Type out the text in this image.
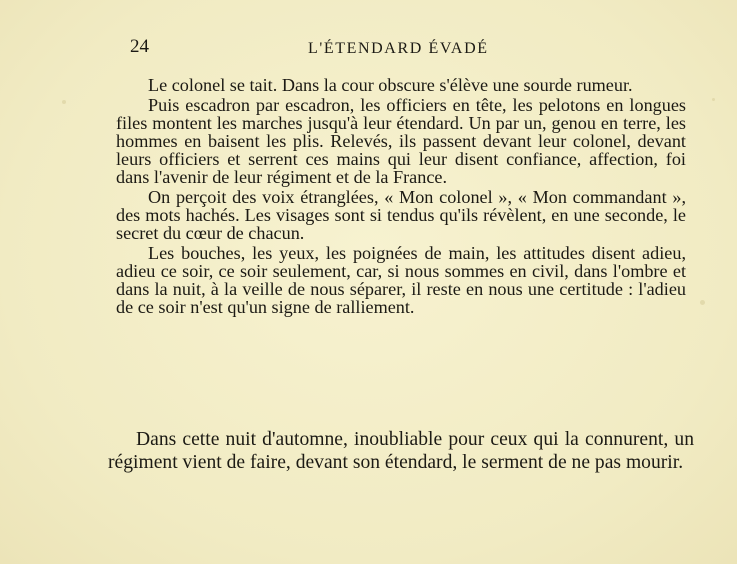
24	L'ÉTENDARD ÉVADÉ

Le colonel se tait. Dans la cour obscure s'élève une sourde rumeur.

Puis escadron par escadron, les officiers en tête, les pelotons en longues files montent les marches jusqu'à leur étendard. Un par un, genou en terre, les hommes en baisent les plis. Relevés, ils passent devant leur colonel, devant leurs officiers et serrent ces mains qui leur disent confiance, affection, foi dans l'avenir de leur régiment et de la France.

On perçoit des voix étranglées, « Mon colonel », « Mon commandant », des mots hachés. Les visages sont si tendus qu'ils révèlent, en une seconde, le secret du cœur de chacun.

Les bouches, les yeux, les poignées de main, les attitudes disent adieu, adieu ce soir, ce soir seulement, car, si nous sommes en civil, dans l'ombre et dans la nuit, à la veille de nous séparer, il reste en nous une certitude : l'adieu de ce soir n'est qu'un signe de ralliement.

Dans cette nuit d'automne, inoubliable pour ceux qui la connurent, un régiment vient de faire, devant son étendard, le serment de ne pas mourir.
